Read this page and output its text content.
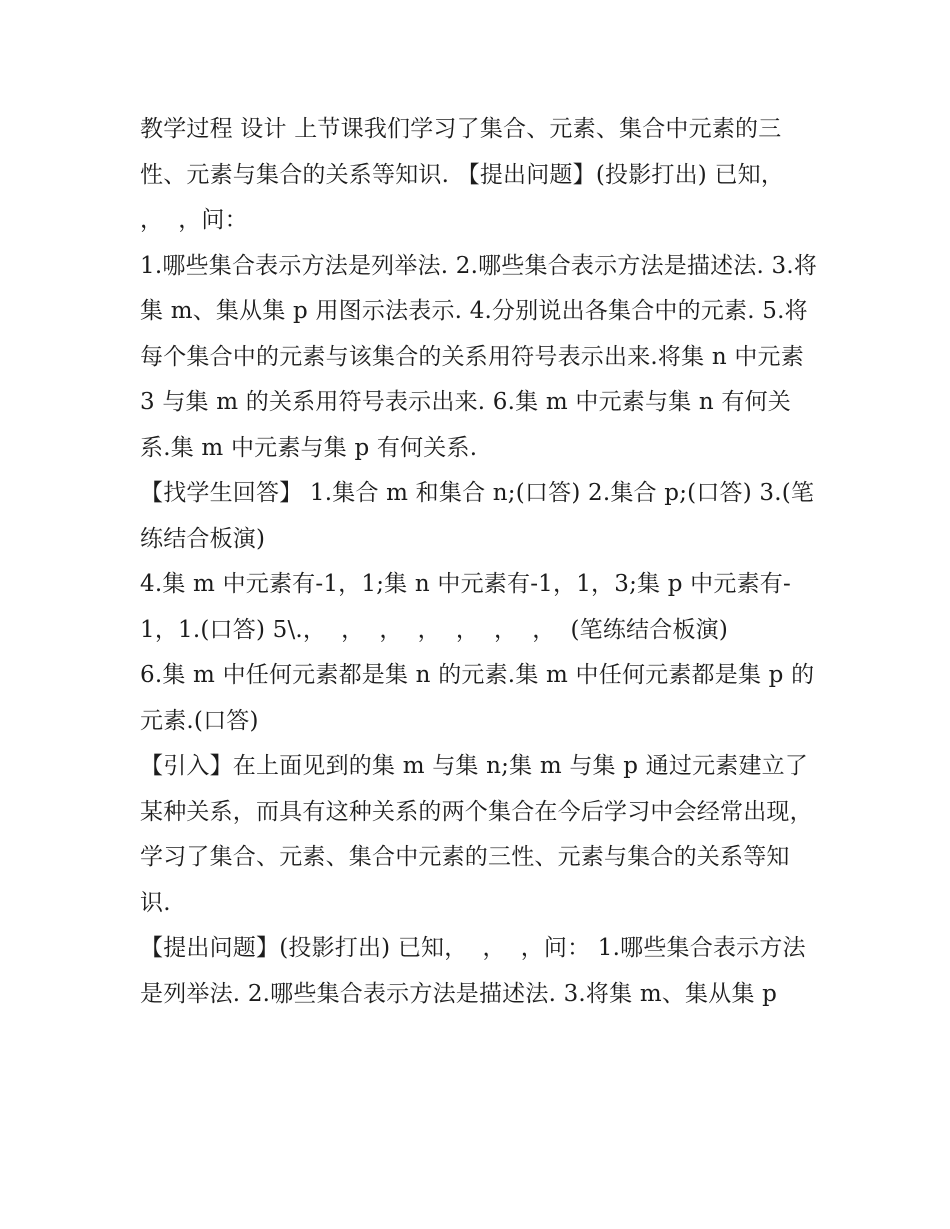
教学过程 设计 上节课我们学习了集合、元素、集合中元素的三性、元素与集合的关系等知识. 【提出问题】(投影打出) 已知，  ，  ，问：

1.哪些集合表示方法是列举法. 2.哪些集合表示方法是描述法. 3.将集 m、集从集 p 用图示法表示. 4.分别说出各集合中的元素. 5.将每个集合中的元素与该集合的关系用符号表示出来.将集 n 中元素 3 与集 m 的关系用符号表示出来. 6.集 m 中元素与集 n 有何关系.集 m 中元素与集 p 有何关系.

【找学生回答】 1.集合 m 和集合 n;(口答) 2.集合 p;(口答) 3.(笔练结合板演)

4.集 m 中元素有-1，1;集 n 中元素有-1，1，3;集 p 中元素有-1，1.(口答) 5\.，  ，  ，  ，  ，  ，  ，  (笔练结合板演)

6.集 m 中任何元素都是集 n 的元素.集 m 中任何元素都是集 p 的元素.(口答)

【引入】在上面见到的集 m 与集 n;集 m 与集 p 通过元素建立了某种关系，而具有这种关系的两个集合在今后学习中会经常出现，学习了集合、元素、集合中元素的三性、元素与集合的关系等知识.

【提出问题】(投影打出) 已知，  ，  ，问： 1.哪些集合表示方法是列举法. 2.哪些集合表示方法是描述法. 3.将集 m、集从集 p
